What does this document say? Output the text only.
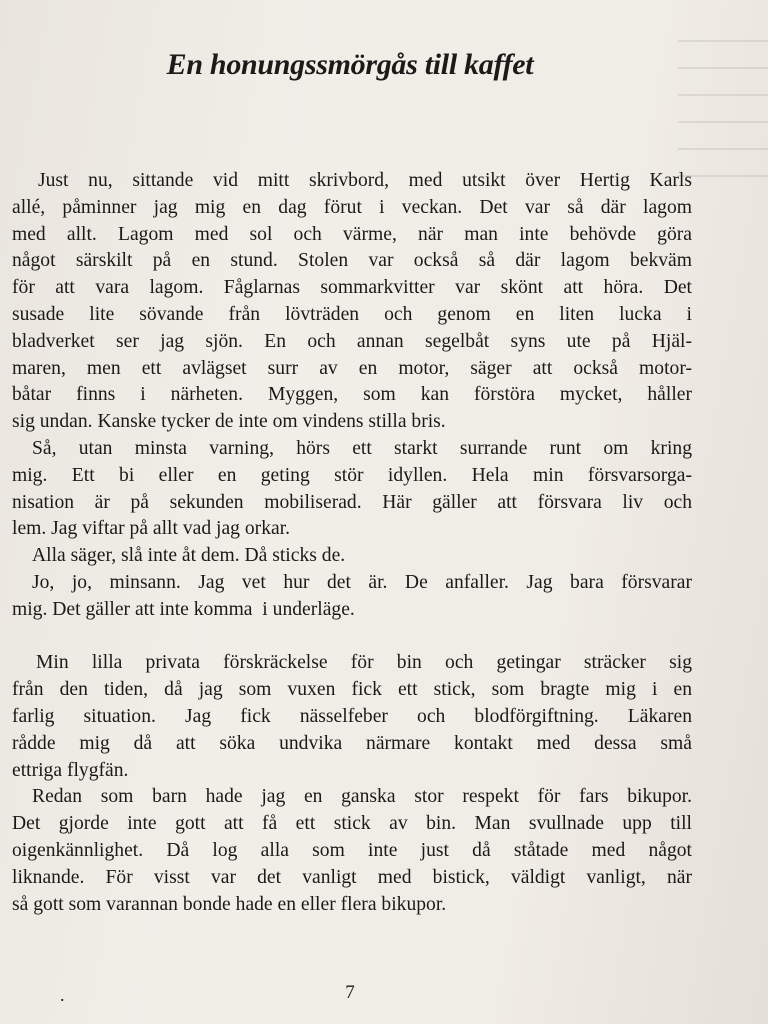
En honungssmörgås till kaffet
Just nu, sittande vid mitt skrivbord, med utsikt över Hertig Karls
allé, påminner jag mig en dag förut i veckan. Det var så där lagom
med allt. Lagom med sol och värme, när man inte behövde göra
något särskilt på en stund. Stolen var också så där lagom bekväm
för att vara lagom. Fåglarnas sommarkvitter var skönt att höra. Det
susade lite sövande från lövträden och genom en liten lucka i
bladverket ser jag sjön. En och annan segelbåt syns ute på Hjäl-
maren, men ett avlägset surr av en motor, säger att också motor-
båtar finns i närheten. Myggen, som kan förstöra mycket, håller
sig undan. Kanske tycker de inte om vindens stilla bris.
Så, utan minsta varning, hörs ett starkt surrande runt om kring
mig. Ett bi eller en geting stör idyllen. Hela min försvarsorga-
nisation är på sekunden mobiliserad. Här gäller att försvara liv och
lem. Jag viftar på allt vad jag orkar.
Alla säger, slå inte åt dem. Då sticks de.
Jo, jo, minsann. Jag vet hur det är. De anfaller. Jag bara försvarar
mig. Det gäller att inte komma  i underläge.
Min lilla privata förskräckelse för bin och getingar sträcker sig
från den tiden, då jag som vuxen fick ett stick, som bragte mig i en
farlig situation. Jag fick nässelfeber och blodförgiftning. Läkaren
rådde mig då att söka undvika närmare kontakt med dessa små
ettriga flygfän.
Redan som barn hade jag en ganska stor respekt för fars bikupor.
Det gjorde inte gott att få ett stick av bin. Man svullnade upp till
oigenkännlighet. Då log alla som inte just då ståtade med något
liknande. För visst var det vanligt med bistick, väldigt vanligt, när
så gott som varannan bonde hade en eller flera bikupor.
.	7
